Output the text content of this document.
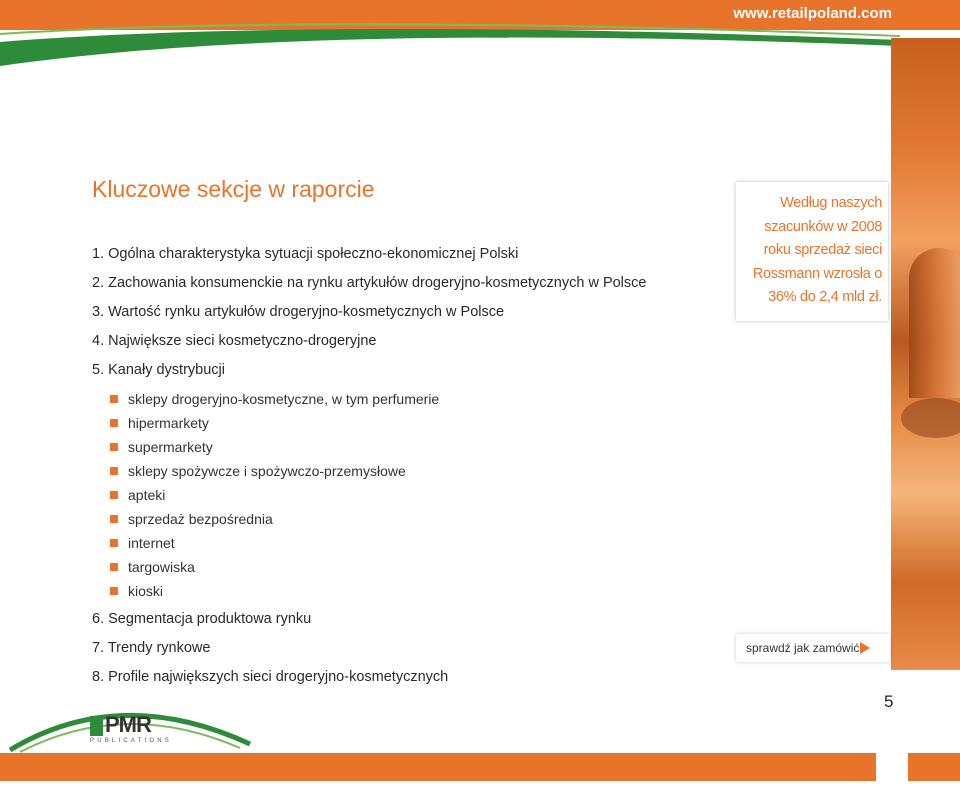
www.retailpoland.com
Kluczowe sekcje w raporcie
1. Ogólna charakterystyka sytuacji społeczno-ekonomicznej Polski
2. Zachowania konsumenckie na rynku artykułów drogeryjno-kosmetycznych w Polsce
3. Wartość rynku artykułów drogeryjno-kosmetycznych w Polsce
4. Największe sieci kosmetyczno-drogeryjne
5. Kanały dystrybucji
sklepy drogeryjno-kosmetyczne, w tym perfumerie
hipermarkety
supermarkety
sklepy spożywcze i spożywczo-przemysłowe
apteki
sprzedaż bezpośrednia
internet
targowiska
kioski
6. Segmentacja produktowa rynku
7. Trendy rynkowe
8. Profile największych sieci drogeryjno-kosmetycznych

Według naszych szacunków w 2008 roku sprzedaż sieci Rossmann wzrosła o 36% do 2,4 mld zł.

sprawdź jak zamówić
5
PMR
PUBLICATIONS
